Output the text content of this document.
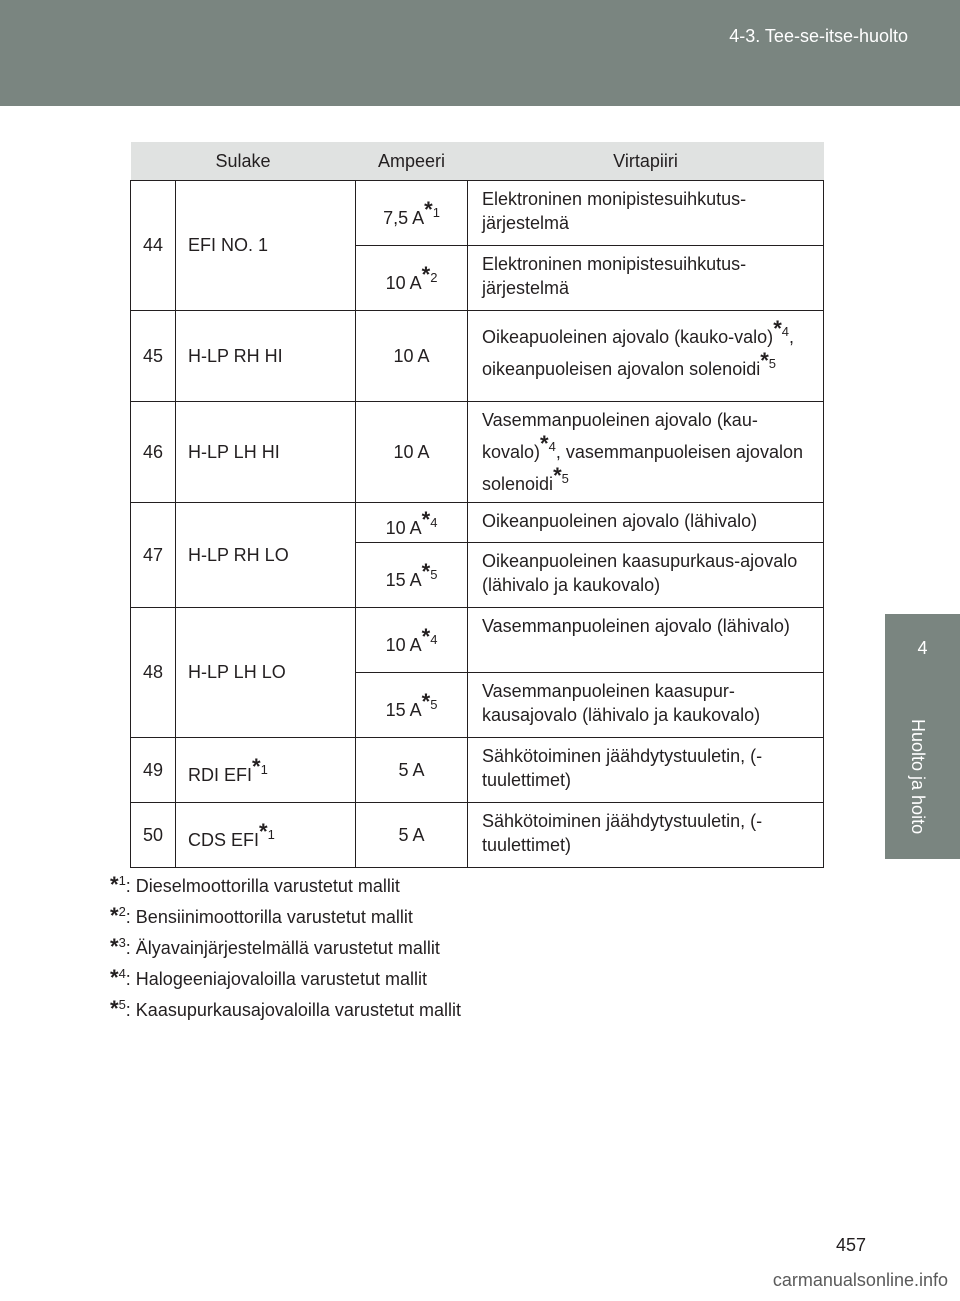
4-3. Tee-se-itse-huolto
4
Huolto ja hoito
Sulake		Ampeeri	Virtapiiri
44	EFI NO. 1	7,5 $A^{*1}$	Elektroninen monipistesuihkutus-järjestelmä
		10 $A^{*2}$	Elektroninen monipistesuihkutus-järjestelmä
45	H-LP RH HI	10 A	Oikeapuoleinen ajovalo (kauko-valo)$^{*4}$, oikeanpuoleisen ajovalon solenoidi$^{*5}$
46	H-LP LH HI	10 A	Vasemmanpuoleinen ajovalo (kau-kovalo)$^{*4}$, vasemmanpuoleisen ajovalon solenoidi$^{*5}$
47	H-LP RH LO	10 $A^{*4}$	Oikeanpuoleinen ajovalo (lähivalo)
		15 $A^{*5}$	Oikeanpuoleinen kaasupurkaus-ajovalo (lähivalo ja kaukovalo)
48	H-LP LH LO	10 $A^{*4}$	Vasemmanpuoleinen ajovalo (lähivalo)
		15 $A^{*5}$	Vasemmanpuoleinen kaasupur-kausajovalo (lähivalo ja kaukovalo)
49	RDI EFI$^{*1}$	5 A	Sähkötoiminen jäähdytystuuletin, (-tuulettimet)
50	CDS EFI$^{*1}$	5 A	Sähkötoiminen jäähdytystuuletin, (-tuulettimet)
*$^1$: Dieselmoottorilla varustetut mallit
*$^2$: Bensiinimoottorilla varustetut mallit
*$^3$: Älyavainjärjestelmällä varustetut mallit
*$^4$: Halogeeniajovaloilla varustetut mallit
*$^5$: Kaasupurkausajovaloilla varustetut mallit
457
carmanualsonline.info
